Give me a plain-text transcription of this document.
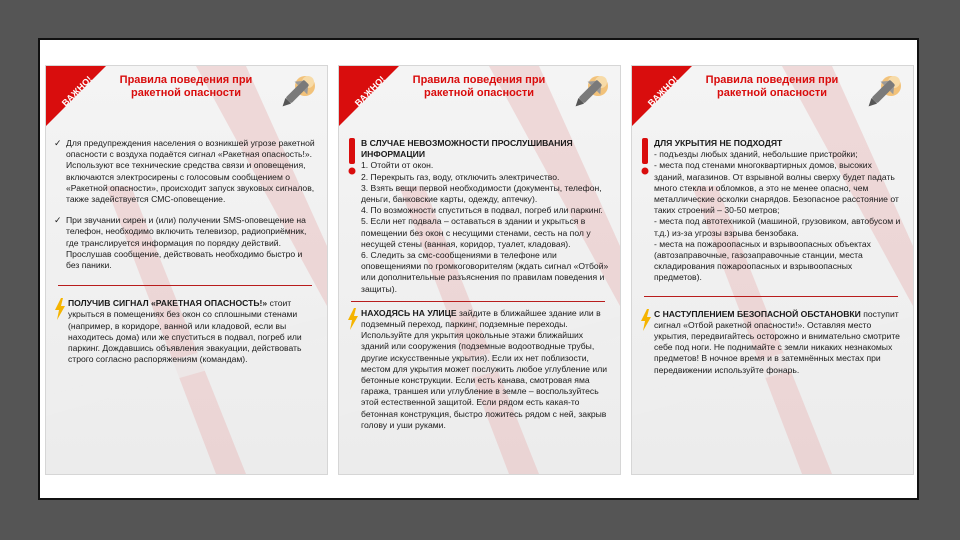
ВАЖНО!	Правила поведения при ракетной опасности
✓ Для предупреждения населения о возникшей угрозе ракетной опасности с воздуха подаётся сигнал «Ракетная опасность!». Используют все технические средства связи и оповещения, включаются электросирены с голосовым сообщением о «Ракетной опасности», происходит запуск звуковых сигналов, также задействуется СМС-оповещение.

✓ При звучании сирен и (или) получении SMS-оповещение на телефон, необходимо включить телевизор, радиоприёмник, где транслируется информация по порядку действий. Прослушав сообщение, действовать необходимо быстро и без паники.

ПОЛУЧИВ СИГНАЛ «РАКЕТНАЯ ОПАСНОСТЬ!» стоит укрыться в помещениях без окон со сплошными стенами (например, в коридоре, ванной или кладовой, если вы находитесь дома) или же спуститься в подвал, погреб или паркинг. Дождавшись объявления эвакуации, действовать строго согласно распоряжениям (командам).

ВАЖНО!	Правила поведения при ракетной опасности
В СЛУЧАЕ НЕВОЗМОЖНОСТИ ПРОСЛУШИВАНИЯ ИНФОРМАЦИИ

1. Отойти от окон.

2. Перекрыть газ, воду, отключить электричество.

3. Взять вещи первой необходимости (документы, телефон, деньги, банковские карты, одежду, аптечку).

4. По возможности спуститься в подвал, погреб или паркинг.

5. Если нет подвала – оставаться в здании и укрыться в помещении без окон с несущими стенами, сесть на пол у несущей стены (ванная, коридор, туалет, кладовая).

6. Следить за смс-сообщениями в телефоне или оповещениями по громкоговорителям (ждать сигнал «Отбой» или дополнительные разъяснения по правилам поведения и защиты).

НАХОДЯСЬ НА УЛИЦЕ зайдите в ближайшее здание или в подземный переход, паркинг, подземные переходы. Используйте для укрытия цокольные этажи ближайших зданий или сооружения (подземные водоотводные трубы, другие искусственные укрытия). Если их нет поблизости, местом для укрытия может послужить любое углубление или бетонные конструкции. Если есть канава, смотровая яма гаража, траншея или углубление в земле – воспользуйтесь этой естественной защитой. Если рядом есть какая-то бетонная конструкция, быстро ложитесь рядом с ней, закрыв голову и уши руками.

ВАЖНО!	Правила поведения при ракетной опасности
ДЛЯ УКРЫТИЯ НЕ ПОДХОДЯТ

- подъезды любых зданий, небольшие пристройки;

- места под стенами многоквартирных домов, высоких зданий, магазинов. От взрывной волны сверху будет падать много стекла и обломков, а это не менее опасно, чем металлические осколки снарядов. Безопасное расстояние от таких строений – 30-50 метров;

- места под автотехникой (машиной, грузовиком, автобусом и т.д.) из-за угрозы взрыва бензобака.

- места на пожароопасных и взрывоопасных объектах (автозаправочные, газозаправочные станции, места складирования пожароопасных и взрывоопасных предметов).

С НАСТУПЛЕНИЕМ БЕЗОПАСНОЙ ОБСТАНОВКИ поступит сигнал «Отбой ракетной опасности!». Оставляя место укрытия, передвигайтесь осторожно и внимательно смотрите себе под ноги. Не поднимайте с земли никаких незнакомых предметов! В ночное время и в затемнённых местах при передвижении используйте фонарь.
